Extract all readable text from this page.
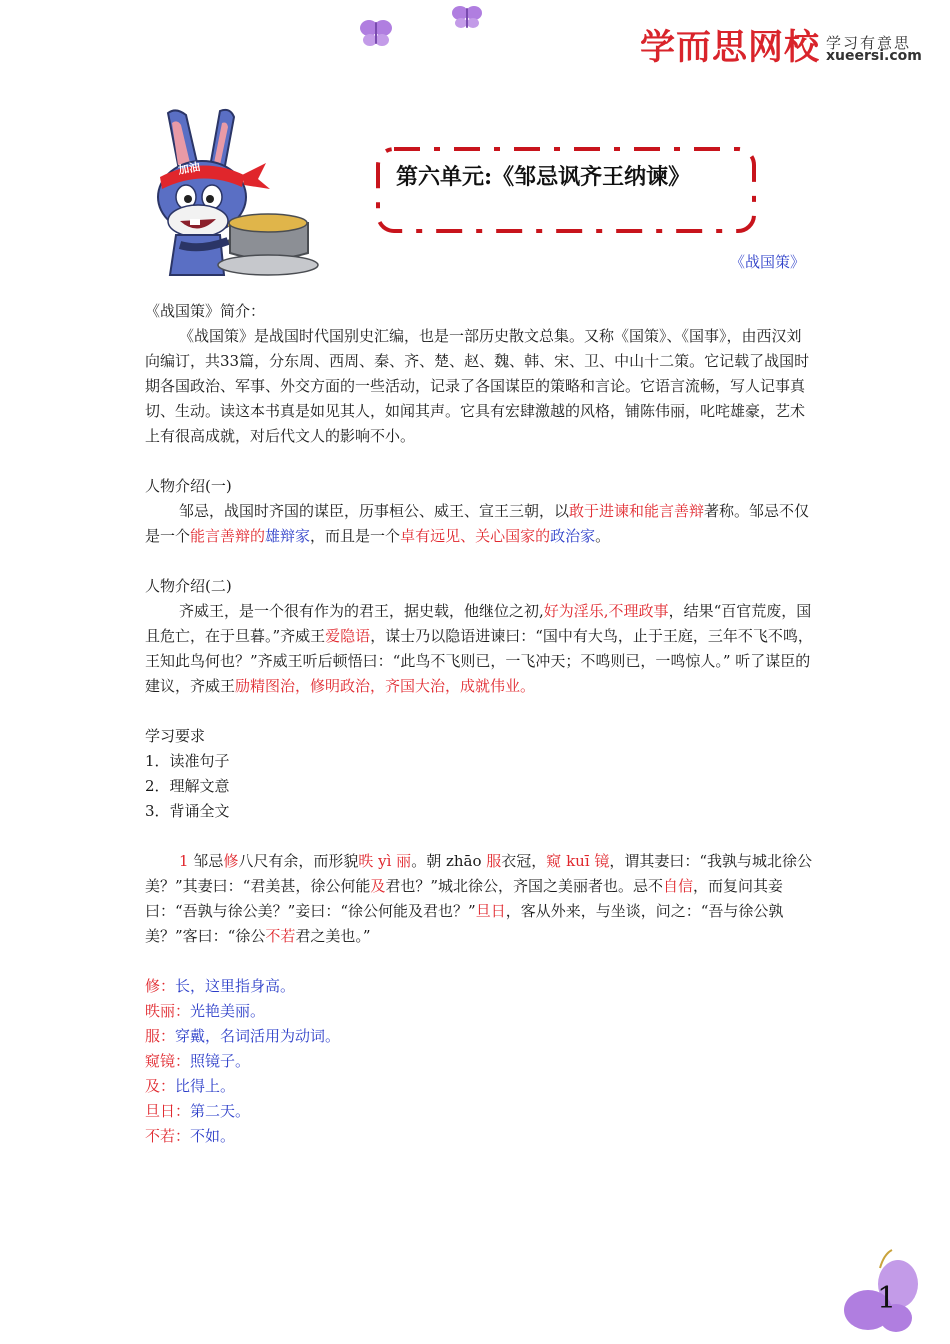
学而思网校 学习有意思
xueersi.com
加油	第六单元:《邹忌讽齐王纳谏》
《战国策》

《战国策》简介：

《战国策》是战国时代国别史汇编，也是一部历史散文总集。又称《国策》、《国事》，由西汉刘向编订，共33篇，分东周、西周、秦、齐、楚、赵、魏、韩、宋、卫、中山十二策。它记载了战国时期各国政治、军事、外交方面的一些活动，记录了各国谋臣的策略和言论。它语言流畅，写人记事真切、生动。读这本书真是如见其人，如闻其声。它具有宏肆激越的风格，铺陈伟丽，叱咤雄豪，艺术上有很高成就，对后代文人的影响不小。

人物介绍(一)

邹忌，战国时齐国的谋臣，历事桓公、威王、宣王三朝，以敢于进谏和能言善辩著称。邹忌不仅是一个能言善辩的雄辩家，而且是一个卓有远见、关心国家的政治家。

人物介绍(二)

齐威王，是一个很有作为的君王，据史载，他继位之初,好为淫乐,不理政事，结果“百官荒废，国且危亡，在于旦暮。”齐威王爱隐语，谋士乃以隐语进谏曰：“国中有大鸟，止于王庭，三年不飞不鸣，王知此鸟何也？”齐威王听后顿悟曰：“此鸟不飞则已，一飞冲天；不鸣则已，一鸣惊人。” 听了谋臣的建议，齐威王励精图治，修明政治，齐国大治，成就伟业。

学习要求

1．读准句子

2．理解文意

3．背诵全文

1 邹忌修八尺有余，而形貌昳 yì 丽。朝 zhāo 服衣冠，窥 kuī 镜，谓其妻曰：“我孰与城北徐公美？”其妻曰：“君美甚，徐公何能及君也？”城北徐公，齐国之美丽者也。忌不自信，而复问其妾曰：“吾孰与徐公美？”妾曰：“徐公何能及君也？”旦日，客从外来，与坐谈，问之：“吾与徐公孰美？”客曰：“徐公不若君之美也。”

修：长，这里指身高。

昳丽：光艳美丽。

服：穿戴，名词活用为动词。

窥镜：照镜子。

及：比得上。

旦日：第二天。

不若：不如。

1
